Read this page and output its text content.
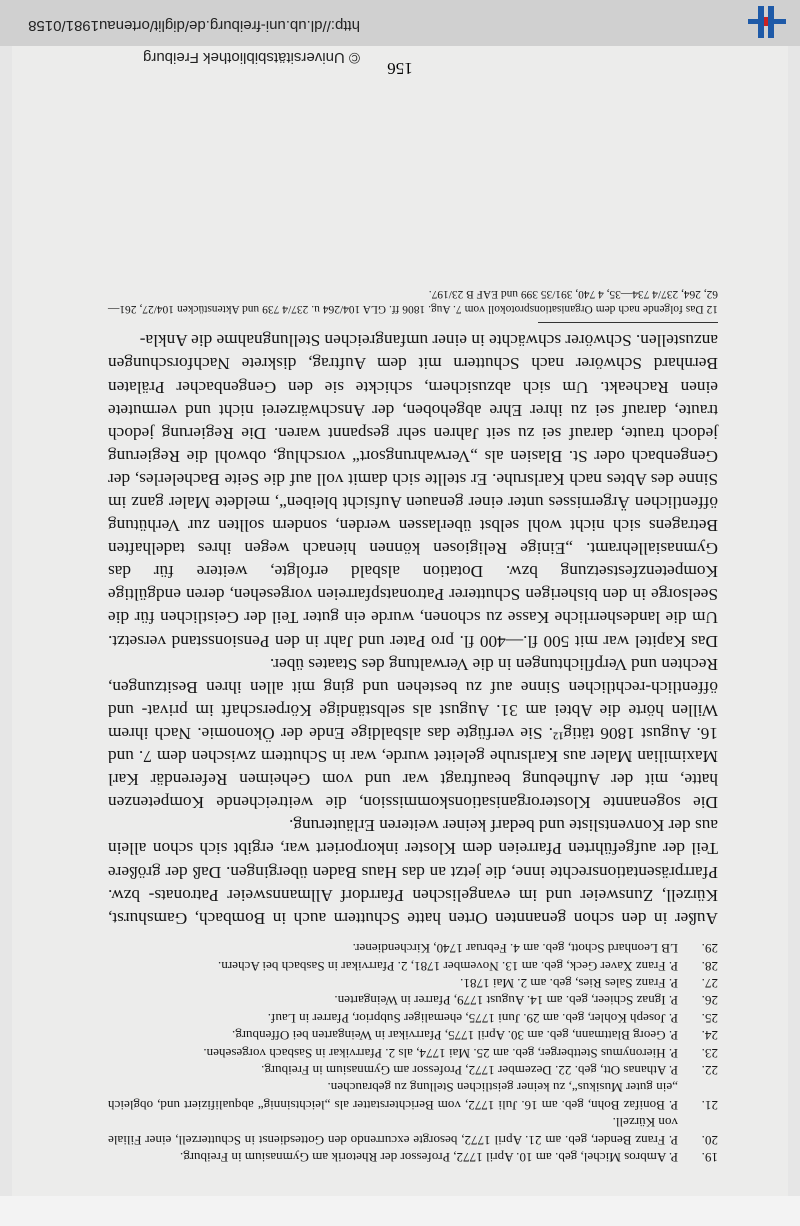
19.
P. Ambros Michel, geb. am 10. April 1772, Professor der Rhetorik am Gymnasium in Freiburg.
20.
P. Franz Bender, geb. am 21. April 1772, besorgte excurrendo den Gottesdienst in Schutterzell, einer Filiale von Kürzell.
21.
P. Bonifaz Bohn, geb. am 16. Juli 1772, vom Berichterstatter als „leichtsinnig“ abqualifiziert und, obgleich „ein guter Musikus“, zu keiner geistlichen Stellung zu gebrauchen.
22.
P. Athanas Ott, geb. 22. Dezember 1772, Professor am Gymnasium in Freiburg.
23.
P. Hieronymus Stettberger, geb. am 25. Mai 1774, als 2. Pfarrvikar in Sasbach vorgesehen.
24.
P. Georg Blattmann, geb. am 30. April 1775, Pfarrvikar in Weingarten bei Offenburg.
25.
P. Joseph Kohler, geb. am 29. Juni 1775, ehemaliger Subprior, Pfarrer in Lauf.
26.
P. Ignaz Schieer, geb. am 14. August 1779, Pfarrer in Weingarten.
27.
P. Franz Sales Ries, geb. am 2. Mai 1781.
28.
P. Franz Xaver Geck, geb. am 13. November 1781, 2. Pfarrvikar in Sasbach bei Achern.
29.
LB Leonhard Schott, geb. am 4. Februar 1740, Kirchendiener.

Außer in den schon genannten Orten hatte Schuttern auch in Bombach, Gamshurst, Kürzell, Zunsweier und im evangelischen Pfarrdorf Allmannsweier Patronats- bzw. Pfarrpräsentationsrechte inne, die jetzt an das Haus Baden übergingen. Daß der größere Teil der aufgeführten Pfarreien dem Kloster inkorporiert war, ergibt sich schon allein aus der Konventsliste und bedarf keiner weiteren Erläuterung.

Die sogenannte Klosterorganisationskommission, die weitreichende Kompetenzen hatte, mit der Aufhebung beauftragt war und vom Geheimen Referendär Karl Maximilian Maler aus Karlsruhe geleitet wurde, war in Schuttern zwischen dem 7. und 16. August 1806 tätig¹². Sie verfügte das alsbaldige Ende der Ökonomie. Nach ihrem Willen hörte die Abtei am 31. August als selbständige Körperschaft im privat- und öffentlich-rechtlichen Sinne auf zu bestehen und ging mit allen ihren Besitzungen, Rechten und Verpflichtungen in die Verwaltung des Staates über.

Das Kapitel war mit 500 fl.—400 fl. pro Pater und Jahr in den Pensionsstand versetzt. Um die landesherrliche Kasse zu schonen, wurde ein guter Teil der Geistlichen für die Seelsorge in den bisherigen Schutterer Patronatspfarreien vorgesehen, deren endgültige Kompetenzfestsetzung bzw. Dotation alsbald erfolgte, weitere für das Gymnasiallehramt. „Einige Religiosen können hienach wegen ihres tadelhaften Betragens sich nicht wohl selbst überlassen werden, sondern sollten zur Verhütung öffentlichen Ärgernisses unter einer genauen Aufsicht bleiben“, meldete Maler ganz im Sinne des Abtes nach Karlsruhe. Er stellte sich damit voll auf die Seite Bachelerles, der Gengenbach oder St. Blasien als „Verwahrungsort“ vorschlug, obwohl die Regierung jedoch traute, darauf sei zu seit Jahren sehr gespannt waren. Die Regierung jedoch traute, darauf sei zu ihrer Ehre abgehoben, der Anschwärzerei nicht und vermutete einen Racheakt. Um sich abzusichern, schickte sie den Gengenbacher Prälaten Bernhard Schwörer nach Schuttern mit dem Auftrag, diskrete Nachforschungen anzustellen. Schwörer schwächte in einer umfangreichen Stellungnahme die Ankla-

12 Das folgende nach dem Organisationsprotokoll vom 7. Aug. 1806 ff. GLA 104/264 u. 237/4 739 und Aktenstücken 104/27, 261—62, 264, 237/4 734—35, 4 740, 391/35 399 und EAF B 23/197.
156
© Universitätsbibliothek Freiburg
http://dl.ub.uni-freiburg.de/diglit/ortenau1981/0158
